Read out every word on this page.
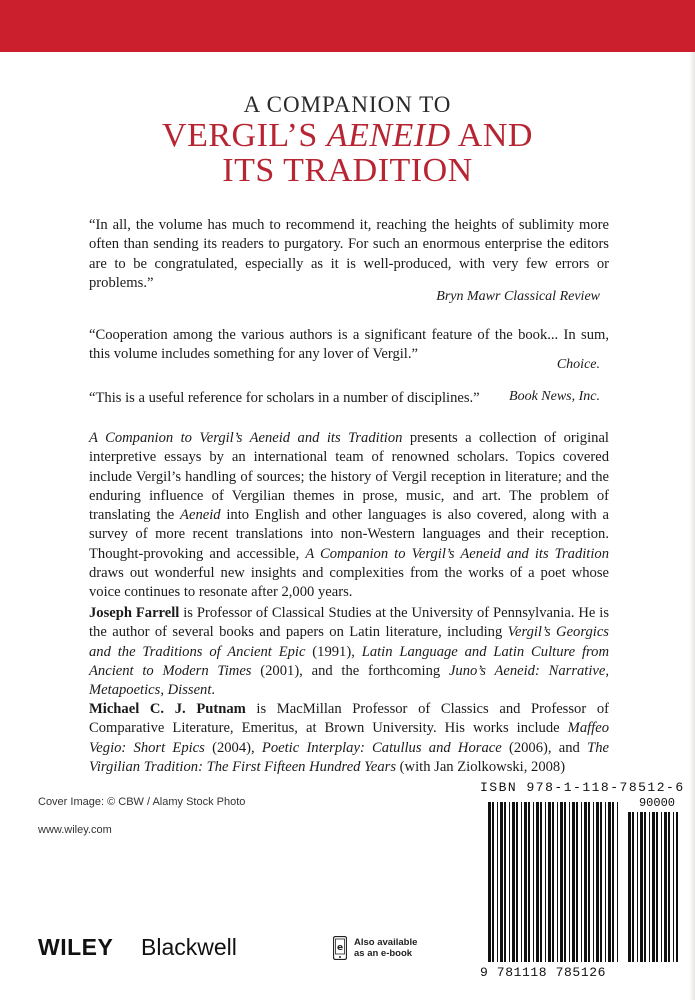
A COMPANION TO
VERGIL’S AENEID AND
ITS TRADITION
“In all, the volume has much to recommend it, reaching the heights of sublimity more often than sending its readers to purgatory. For such an enormous enterprise the editors are to be congratulated, especially as it is well-produced, with very few errors or problems.”
Bryn Mawr Classical Review
“Cooperation among the various authors is a significant feature of the book... In sum, this volume includes something for any lover of Vergil.”
Choice.
“This is a useful reference for scholars in a number of disciplines.”	Book News, Inc.
A Companion to Vergil’s Aeneid and its Tradition presents a collection of original interpretive essays by an international team of renowned scholars. Topics covered include Vergil’s handling of sources; the history of Vergil reception in literature; and the enduring influence of Vergilian themes in prose, music, and art. The problem of translating the Aeneid into English and other languages is also covered, along with a survey of more recent translations into non-Western languages and their reception. Thought-provoking and accessible, A Companion to Vergil’s Aeneid and its Tradition draws out wonderful new insights and complexities from the works of a poet whose voice continues to resonate after 2,000 years.
Joseph Farrell is Professor of Classical Studies at the University of Pennsylvania. He is the author of several books and papers on Latin literature, including Vergil’s Georgics and the Traditions of Ancient Epic (1991), Latin Language and Latin Culture from Ancient to Modern Times (2001), and the forthcoming Juno’s Aeneid: Narrative, Metapoetics, Dissent.
Michael C. J. Putnam is MacMillan Professor of Classics and Professor of Comparative Literature, Emeritus, at Brown University. His works include Maffeo Vegio: Short Epics (2004), Poetic Interplay: Catullus and Horace (2006), and The Virgilian Tradition: The First Fifteen Hundred Years (with Jan Ziolkowski, 2008)
Cover Image: © CBW / Alamy Stock Photo
www.wiley.com
WILEY Blackwell	e Also available
as an e-book
ISBN 978-1-118-78512-6
90000
9 781118 785126
